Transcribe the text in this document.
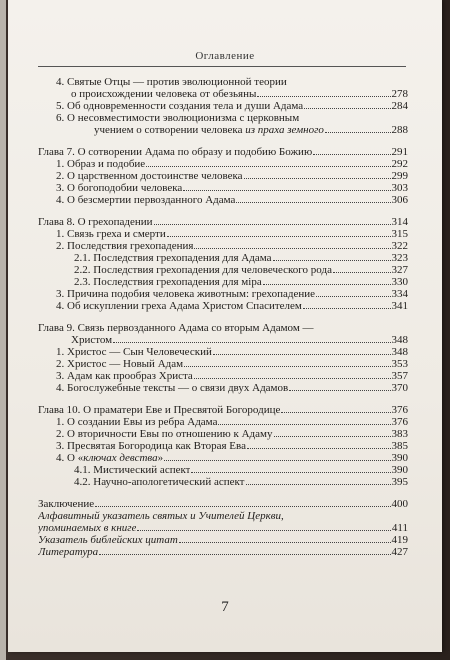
Оглавление
4. Святые Отцы — против эволюционной теории
о происхождении человека от обезьяны	278
5. Об одновременности создания тела и души Адама	284
6. О несовместимости эволюционизма с церковным
учением о сотворении человека из праха земного	288
Глава 7. О сотворении Адама по образу и подобию Божию	291
1. Образ и подобие	292
2. О царственном достоинстве человека	299
3. О богоподобии человека	303
4. О безсмертии первозданного Адама	306
Глава 8. О грехопадении	314
1. Связь греха и смерти	315
2. Последствия грехопадения	322
2.1. Последствия грехопадения для Адама	323
2.2. Последствия грехопадения для человеческого рода	327
2.3. Последствия грехопадения для міра	330
3. Причина подобия человека животным: грехопадение	334
4. Об искуплении греха Адама Христом Спасителем	341
Глава 9. Связь первозданного Адама со вторым Адамом —
Христом	348
1. Христос — Сын Человеческий	348
2. Христос — Новый Адам	353
3. Адам как прообраз Христа	357
4. Богослужебные тексты — о связи двух Адамов	370
Глава 10. О праматери Еве и Пресвятой Богородице	376
1. О создании Евы из ребра Адама	376
2. О вторичности Евы по отношению к Адаму	383
3. Пресвятая Богородица как Вторая Ева	385
4. О «ключах девства»	390
4.1. Мистический аспект	390
4.2. Научно-апологетический аспект	395
Заключение	400
Алфавитный указатель святых и Учителей Церкви,
упоминаемых в книге	411
Указатель библейских цитат	419
Литература	427
7
